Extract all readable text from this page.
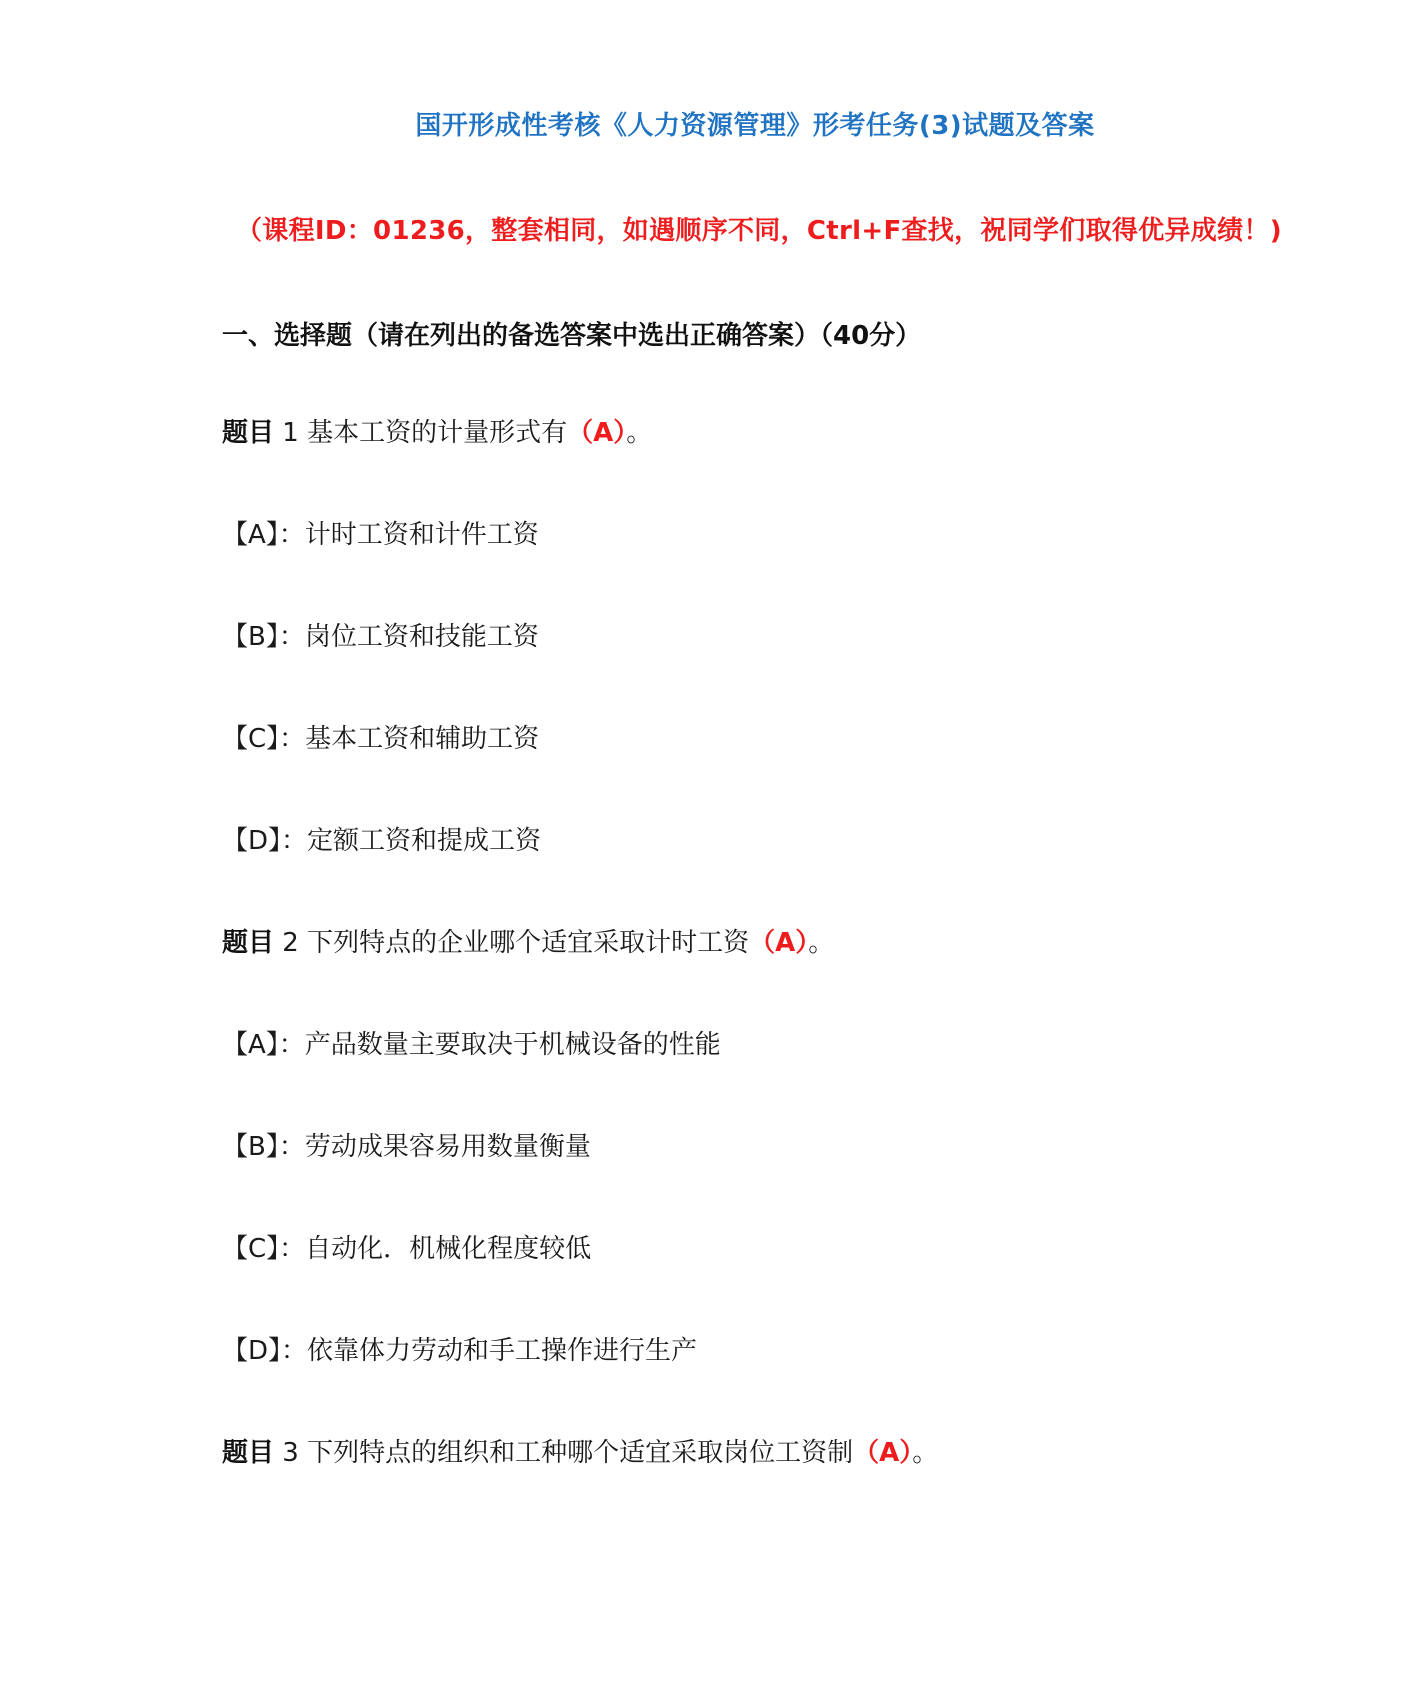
国开形成性考核《人力资源管理》形考任务(3)试题及答案
（课程ID：01236，整套相同，如遇顺序不同，Ctrl+F查找，祝同学们取得优异成绩！)
一、选择题（请在列出的备选答案中选出正确答案）（40分）
题目 1 基本工资的计量形式有（A）。
【A】：计时工资和计件工资
【B】：岗位工资和技能工资
【C】：基本工资和辅助工资
【D】：定额工资和提成工资
题目 2 下列特点的企业哪个适宜采取计时工资（A）。
【A】：产品数量主要取决于机械设备的性能
【B】：劳动成果容易用数量衡量
【C】：自动化．机械化程度较低
【D】：依靠体力劳动和手工操作进行生产
题目 3 下列特点的组织和工种哪个适宜采取岗位工资制（A）。
